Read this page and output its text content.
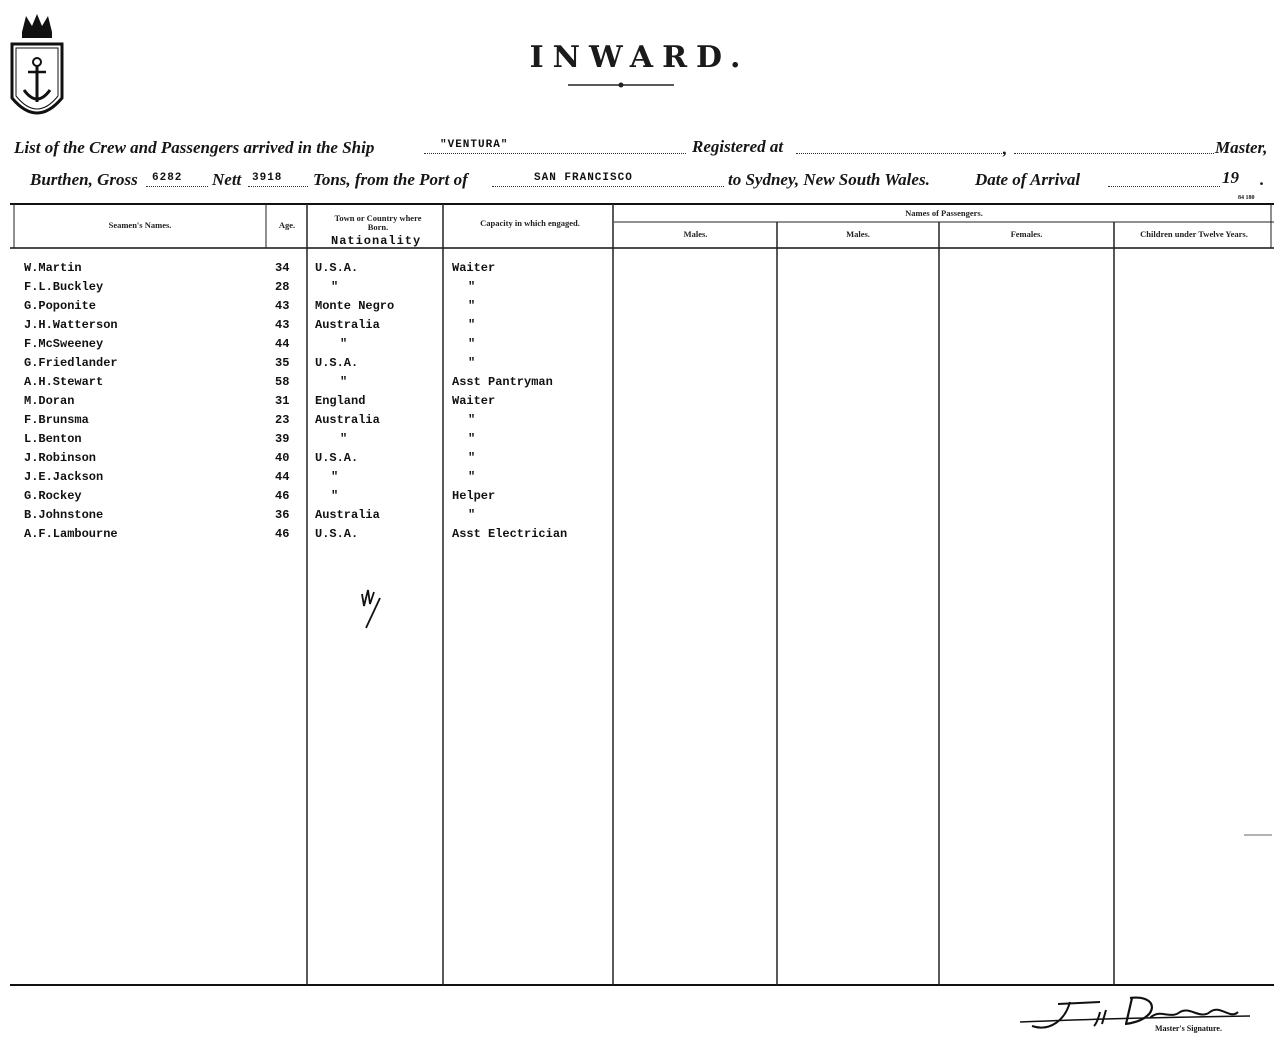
INWARD.
List of the Crew and Passengers arrived in the Ship	"VENTURA"	Registered at	,	Master,
Burthen, Gross 6282 Nett 3918 Tons, from the Port of	SAN FRANCISCO	to Sydney, New South Wales.	Date of Arrival	19 .
84 180
Seamen's Names.	Age.
Town or Country where Born.
Nationality
Capacity in which engaged.
Names of Passengers.
Males.	Males.	Females.	Children under Twelve Years.
W.Martin	34 U.S.A.	Waiter
F.L.Buckley	28	"	"
G.Poponite	43 Monte Negro	"
J.H.Watterson	43 Australia	"
F.McSweeney	44	"	"
G.Friedlander	35 U.S.A.	"
A.H.Stewart	58	"	Asst Pantryman
M.Doran	31 England	Waiter
F.Brunsma	23 Australia	"
L.Benton	39	"	"
J.Robinson	40 U.S.A.	"
J.E.Jackson	44	"	"
G.Rockey	46	"	Helper
B.Johnstone	36 Australia	"
A.F.Lambourne	46 U.S.A.	Asst Electrician
Master's Signature.
